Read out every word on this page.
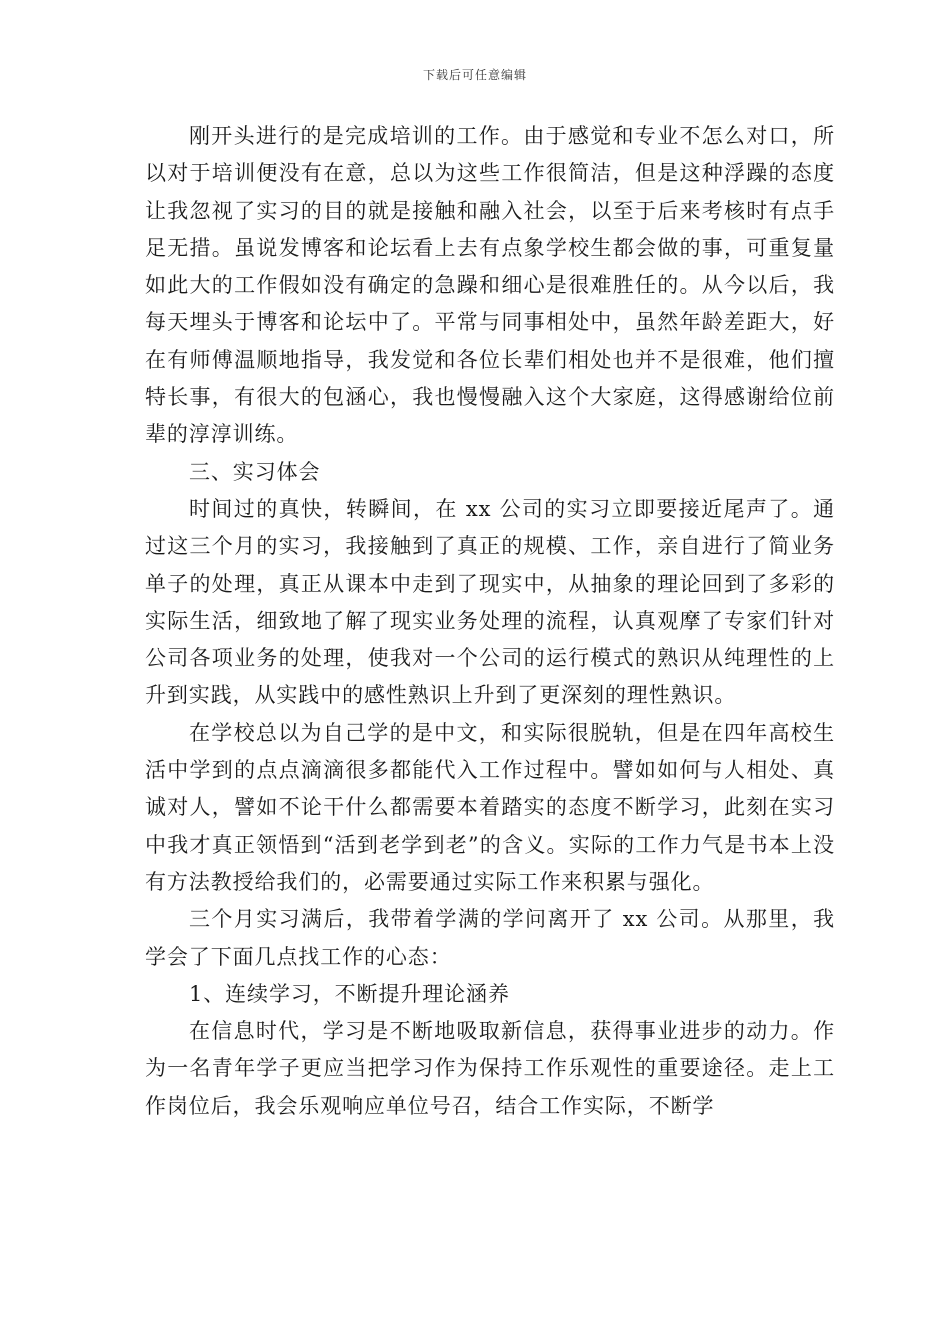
下载后可任意编辑

刚开头进行的是完成培训的工作。由于感觉和专业不怎么对口，所以对于培训便没有在意，总以为这些工作很简洁，但是这种浮躁的态度让我忽视了实习的目的就是接触和融入社会，以至于后来考核时有点手足无措。虽说发博客和论坛看上去有点象学校生都会做的事，可重复量如此大的工作假如没有确定的急躁和细心是很难胜任的。从今以后，我每天埋头于博客和论坛中了。平常与同事相处中，虽然年龄差距大，好在有师傅温顺地指导，我发觉和各位长辈们相处也并不是很难，他们擅特长事，有很大的包涵心，我也慢慢融入这个大家庭，这得感谢给位前辈的淳淳训练。

三、实习体会

时间过的真快，转瞬间，在 xx 公司的实习立即要接近尾声了。通过这三个月的实习，我接触到了真正的规模、工作，亲自进行了简业务单子的处理，真正从课本中走到了现实中，从抽象的理论回到了多彩的实际生活，细致地了解了现实业务处理的流程，认真观摩了专家们针对公司各项业务的处理，使我对一个公司的运行模式的熟识从纯理性的上升到实践，从实践中的感性熟识上升到了更深刻的理性熟识。

在学校总以为自己学的是中文，和实际很脱轨，但是在四年高校生活中学到的点点滴滴很多都能代入工作过程中。譬如如何与人相处、真诚对人，譬如不论干什么都需要本着踏实的态度不断学习，此刻在实习中我才真正领悟到“活到老学到老”的含义。实际的工作力气是书本上没有方法教授给我们的，必需要通过实际工作来积累与强化。

三个月实习满后，我带着学满的学问离开了 xx 公司。从那里，我学会了下面几点找工作的心态：

1、连续学习，不断提升理论涵养

在信息时代，学习是不断地吸取新信息，获得事业进步的动力。作为一名青年学子更应当把学习作为保持工作乐观性的重要途径。走上工作岗位后，我会乐观响应单位号召，结合工作实际，不断学
